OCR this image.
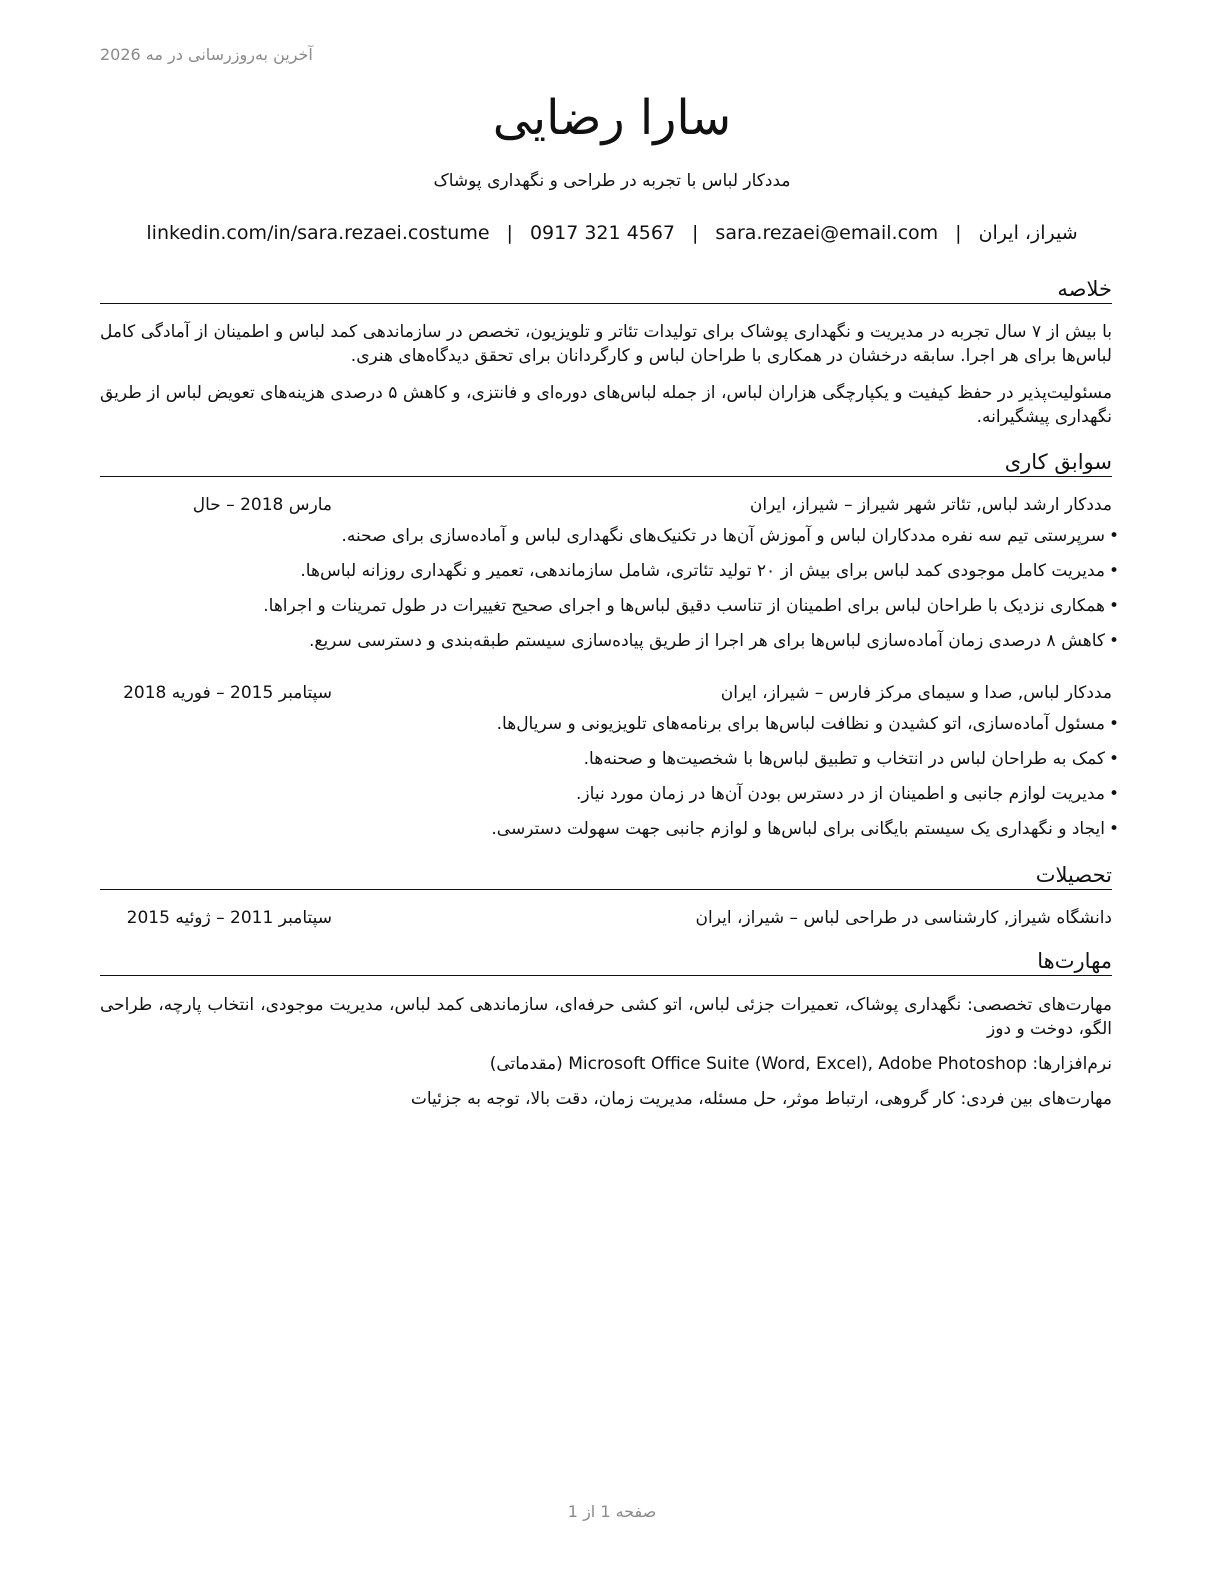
آخرین به‌روزرسانی در مه 2026
سارا رضایی
مددکار لباس با تجربه در طراحی و نگهداری پوشاک
شیراز، ایران|sara.rezaei@email.com|0917 321 4567|linkedin.com/in/sara.rezaei.costume
خلاصه

با بیش از ۷ سال تجربه در مدیریت و نگهداری پوشاک برای تولیدات تئاتر و تلویزیون، تخصص در سازماندهی کمد لباس و اطمینان از آمادگی کامل لباس‌ها برای هر اجرا. سابقه درخشان در همکاری با طراحان لباس و کارگردانان برای تحقق دیدگاه‌های هنری.

مسئولیت‌پذیر در حفظ کیفیت و یکپارچگی هزاران لباس، از جمله لباس‌های دوره‌ای و فانتزی، و کاهش ۵ درصدی هزینه‌های تعویض لباس از طریق نگهداری پیشگیرانه.

سوابق کاری
مددکار ارشد لباس, تئاتر شهر شیراز – شیراز، ایران
مارس 2018 – حال
•سرپرستی تیم سه نفره مددکاران لباس و آموزش آن‌ها در تکنیک‌های نگهداری لباس و آماده‌سازی برای صحنه.
•مدیریت کامل موجودی کمد لباس برای بیش از ۲۰ تولید تئاتری، شامل سازماندهی، تعمیر و نگهداری روزانه لباس‌ها.
•همکاری نزدیک با طراحان لباس برای اطمینان از تناسب دقیق لباس‌ها و اجرای صحیح تغییرات در طول تمرینات و اجراها.
•کاهش ۸ درصدی زمان آماده‌سازی لباس‌ها برای هر اجرا از طریق پیاده‌سازی سیستم طبقه‌بندی و دسترسی سریع.
مددکار لباس, صدا و سیمای مرکز فارس – شیراز، ایران
سپتامبر 2015 – فوریه 2018
•مسئول آماده‌سازی، اتو کشیدن و نظافت لباس‌ها برای برنامه‌های تلویزیونی و سریال‌ها.
•کمک به طراحان لباس در انتخاب و تطبیق لباس‌ها با شخصیت‌ها و صحنه‌ها.
•مدیریت لوازم جانبی و اطمینان از در دسترس بودن آن‌ها در زمان مورد نیاز.
•ایجاد و نگهداری یک سیستم بایگانی برای لباس‌ها و لوازم جانبی جهت سهولت دسترسی.
تحصیلات
دانشگاه شیراز, کارشناسی در طراحی لباس – شیراز، ایران
سپتامبر 2011 – ژوئیه 2015
مهارت‌ها
مهارت‌های تخصصی: نگهداری پوشاک، تعمیرات جزئی لباس، اتو کشی حرفه‌ای، سازماندهی کمد لباس، مدیریت موجودی، انتخاب پارچه، طراحی الگو، دوخت و دوز
نرم‌افزارها: Microsoft Office Suite (Word, Excel), Adobe Photoshop (مقدماتی)
مهارت‌های بین فردی: کار گروهی، ارتباط موثر، حل مسئله، مدیریت زمان، دقت بالا، توجه به جزئیات
صفحه 1 از 1
